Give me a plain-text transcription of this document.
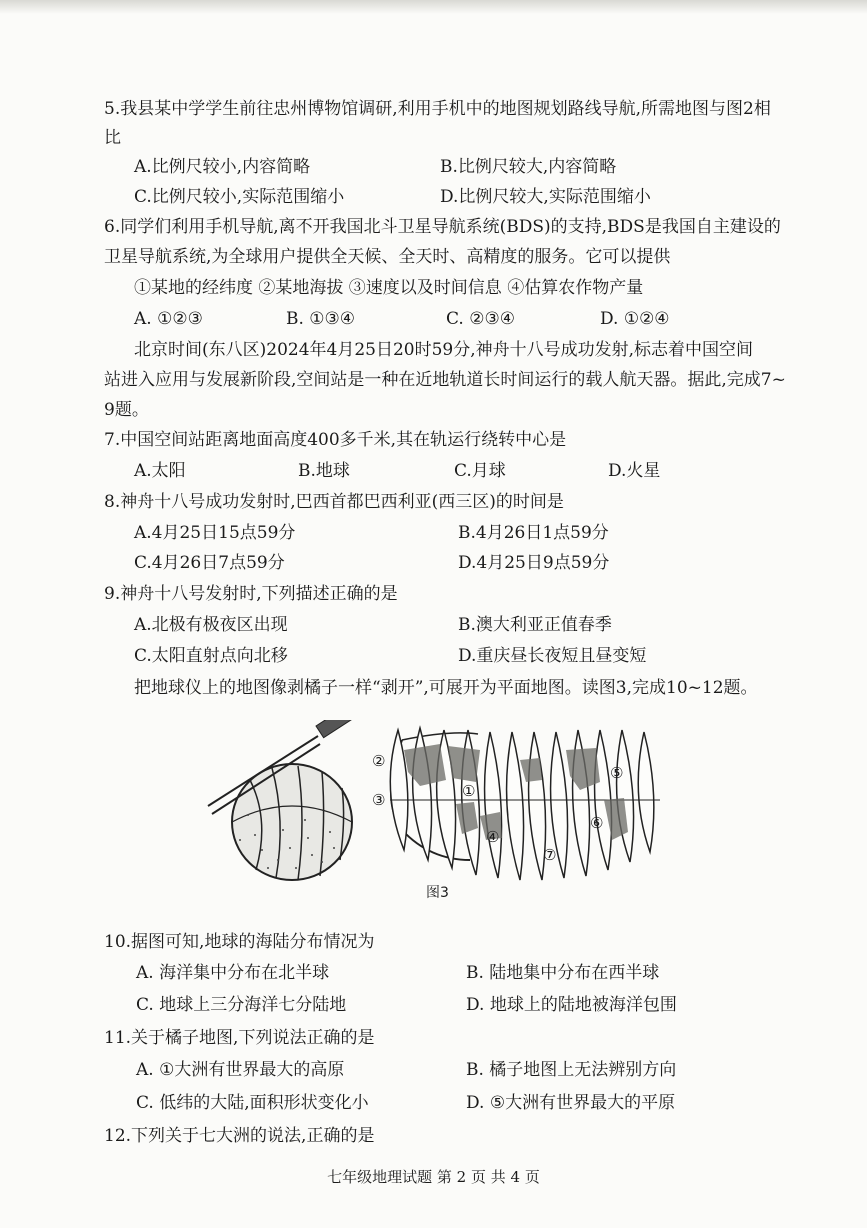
5.我县某中学学生前往忠州博物馆调研,利用手机中的地图规划路线导航,所需地图与图2相
比
A.比例尺较小,内容简略	B.比例尺较大,内容简略
C.比例尺较小,实际范围缩小	D.比例尺较大,实际范围缩小
6.同学们利用手机导航,离不开我国北斗卫星导航系统(BDS)的支持,BDS是我国自主建设的
卫星导航系统,为全球用户提供全天候、全天时、高精度的服务。它可以提供
①某地的经纬度 ②某地海拔 ③速度以及时间信息 ④估算农作物产量
A. ①②③	B. ①③④	C. ②③④	D. ①②④
北京时间(东八区)2024年4月25日20时59分,神舟十八号成功发射,标志着中国空间
站进入应用与发展新阶段,空间站是一种在近地轨道长时间运行的载人航天器。据此,完成7~
9题。
7.中国空间站距离地面高度400多千米,其在轨运行绕转中心是
A.太阳	B.地球	C.月球	D.火星
8.神舟十八号成功发射时,巴西首都巴西利亚(西三区)的时间是
A.4月25日15点59分	B.4月26日1点59分
C.4月26日7点59分	D.4月25日9点59分
9.神舟十八号发射时,下列描述正确的是
A.北极有极夜区出现	B.澳大利亚正值春季
C.太阳直射点向北移	D.重庆昼长夜短且昼变短
把地球仪上的地图像剥橘子一样“剥开”,可展开为平面地图。读图3,完成10~12题。
②
③	①
④
⑤
⑥
⑦
图3
10.据图可知,地球的海陆分布情况为
A. 海洋集中分布在北半球	B. 陆地集中分布在西半球
C. 地球上三分海洋七分陆地	D. 地球上的陆地被海洋包围
11.关于橘子地图,下列说法正确的是
A. ①大洲有世界最大的高原	B. 橘子地图上无法辨别方向
C. 低纬的大陆,面积形状变化小	D. ⑤大洲有世界最大的平原
12.下列关于七大洲的说法,正确的是
七年级地理试题 第 2 页 共 4 页
